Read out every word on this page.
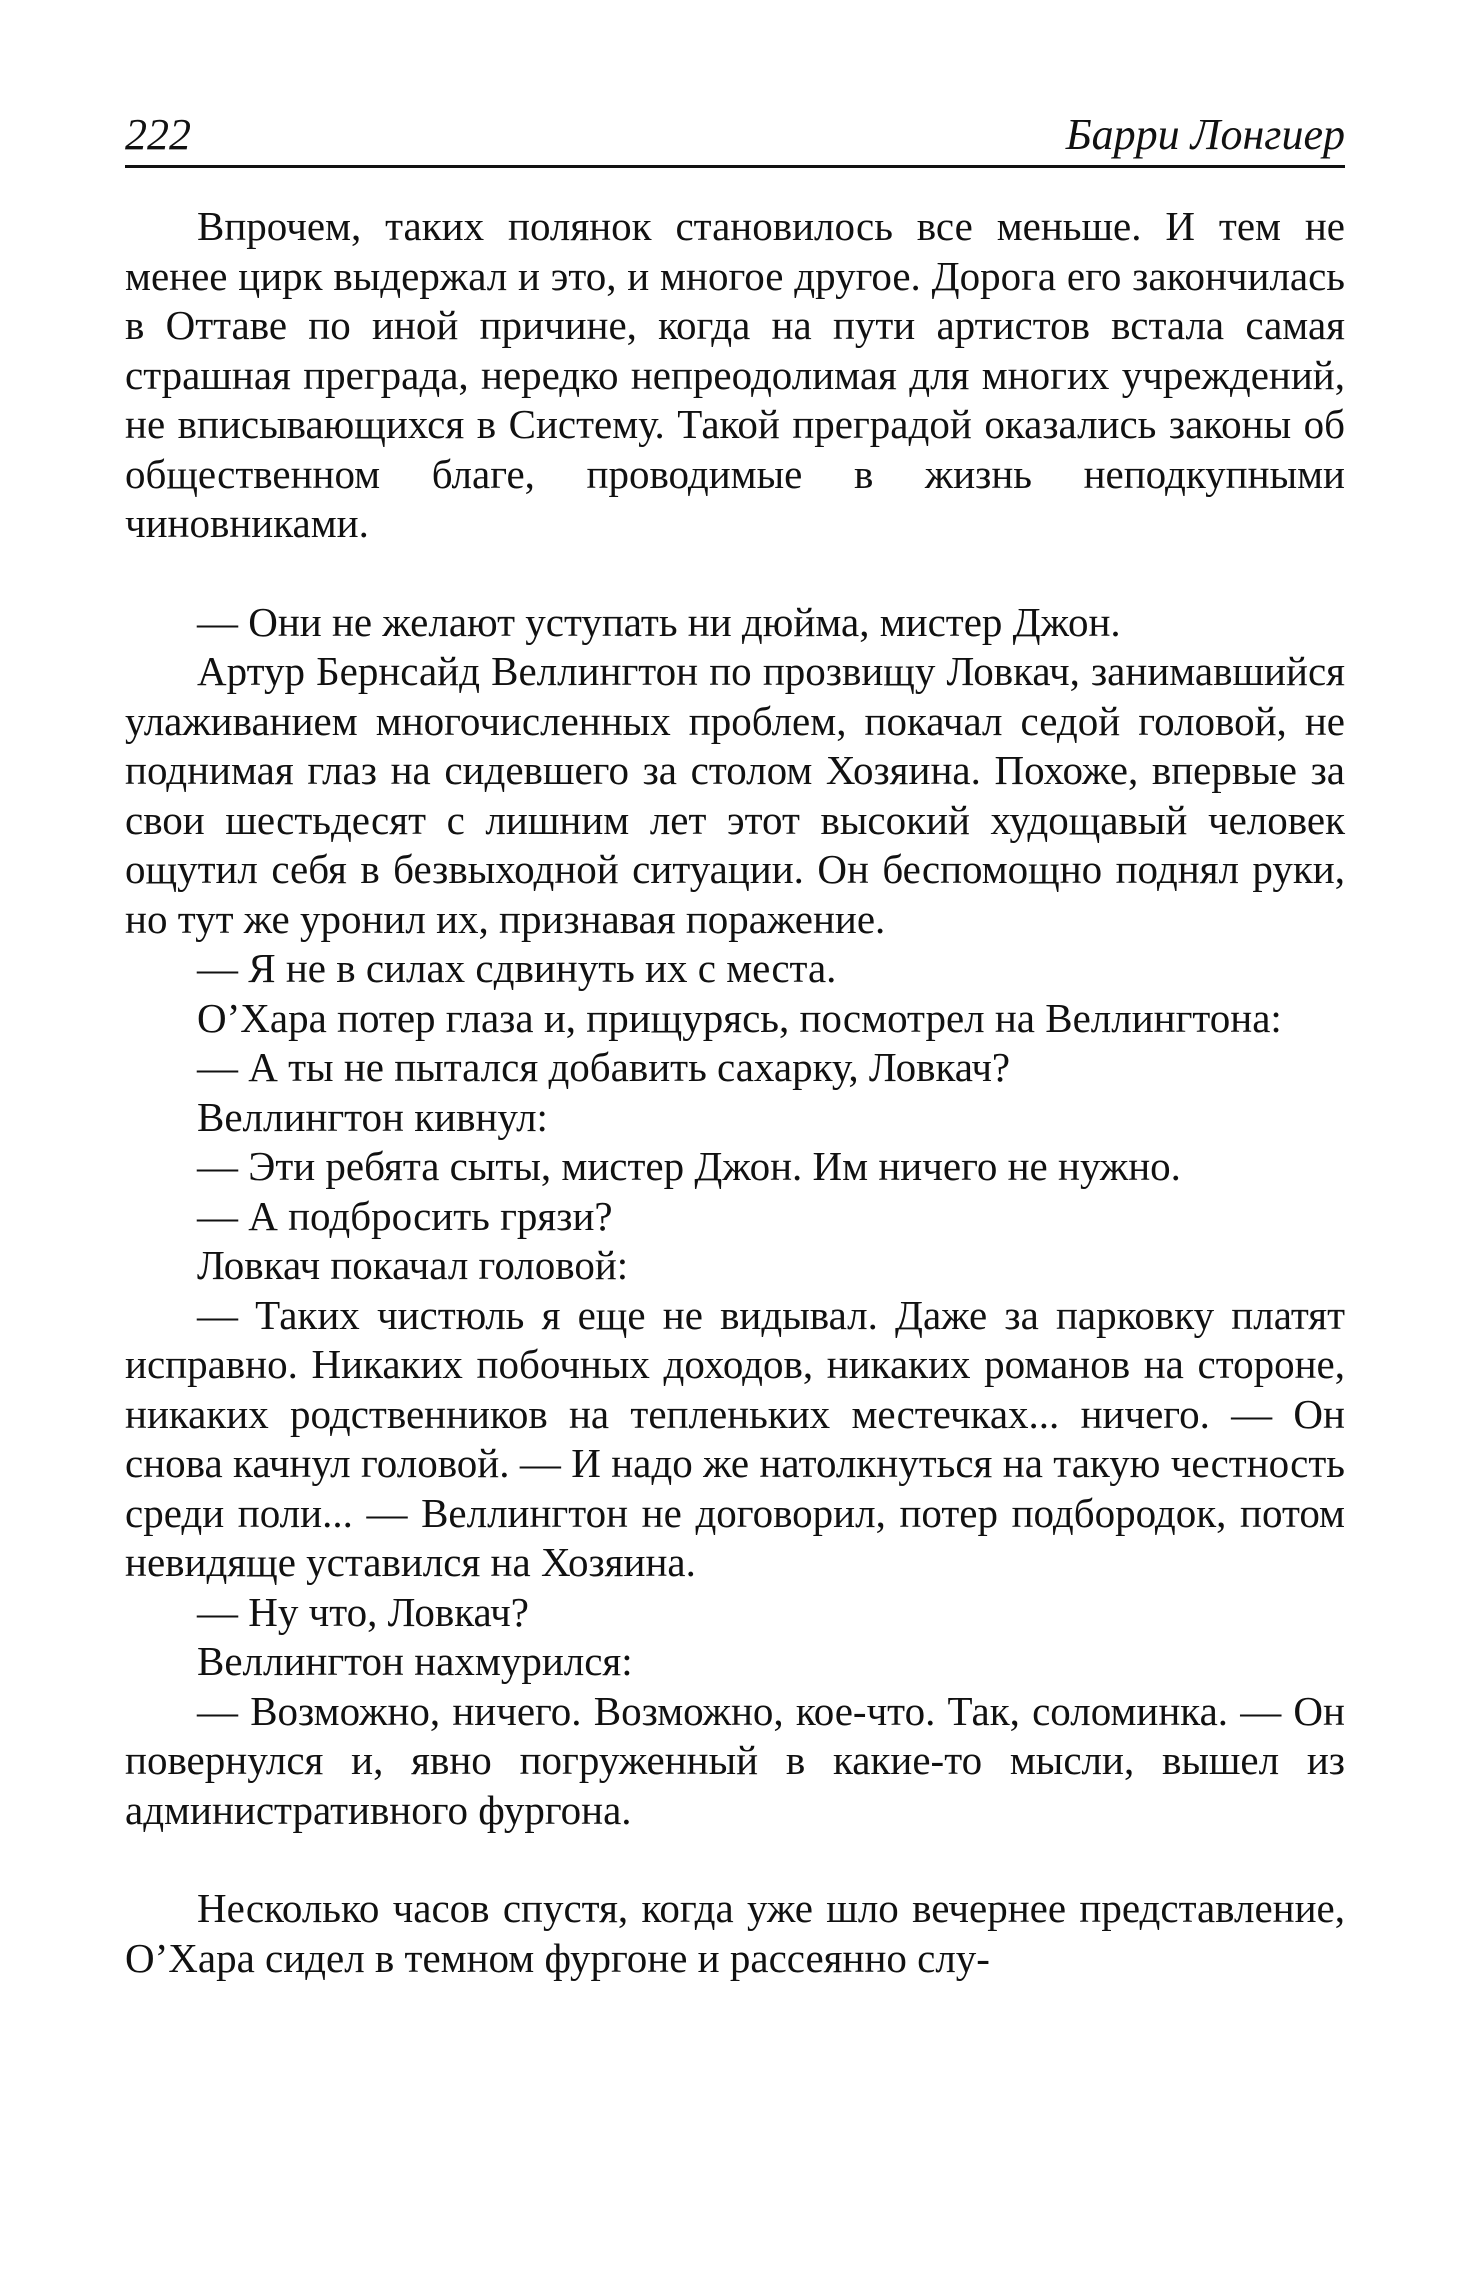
222	Барри Лонгиер

Впрочем, таких полянок становилось все меньше. И тем не менее цирк выдержал и это, и многое другое. Дорога его закончилась в Оттаве по иной причине, когда на пути артистов встала самая страшная преграда, нередко непреодолимая для многих учреждений, не вписывающихся в Систему. Такой преградой оказались законы об общественном благе, проводимые в жизнь неподкупными чиновниками.

— Они не желают уступать ни дюйма, мистер Джон.

Артур Бернсайд Веллингтон по прозвищу Ловкач, занимавшийся улаживанием многочисленных проблем, покачал седой головой, не поднимая глаз на сидевшего за столом Хозяина. Похоже, впервые за свои шестьдесят с лишним лет этот высокий худощавый человек ощутил себя в безвыходной ситуации. Он беспомощно поднял руки, но тут же уронил их, признавая поражение.

— Я не в силах сдвинуть их с места.

О’Хара потер глаза и, прищурясь, посмотрел на Веллингтона:

— А ты не пытался добавить сахарку, Ловкач?

Веллингтон кивнул:

— Эти ребята сыты, мистер Джон. Им ничего не нужно.

— А подбросить грязи?

Ловкач покачал головой:

— Таких чистюль я еще не видывал. Даже за парковку платят исправно. Никаких побочных доходов, никаких романов на стороне, никаких родственников на тепленьких местечках... ничего. — Он снова качнул головой. — И надо же натолкнуться на такую честность среди поли... — Веллингтон не договорил, потер подбородок, потом невидяще уставился на Хозяина.

— Ну что, Ловкач?

Веллингтон нахмурился:

— Возможно, ничего. Возможно, кое-что. Так, соломинка. — Он повернулся и, явно погруженный в какие-то мысли, вышел из административного фургона.

Несколько часов спустя, когда уже шло вечернее представление, О’Хара сидел в темном фургоне и рассеянно слу-
